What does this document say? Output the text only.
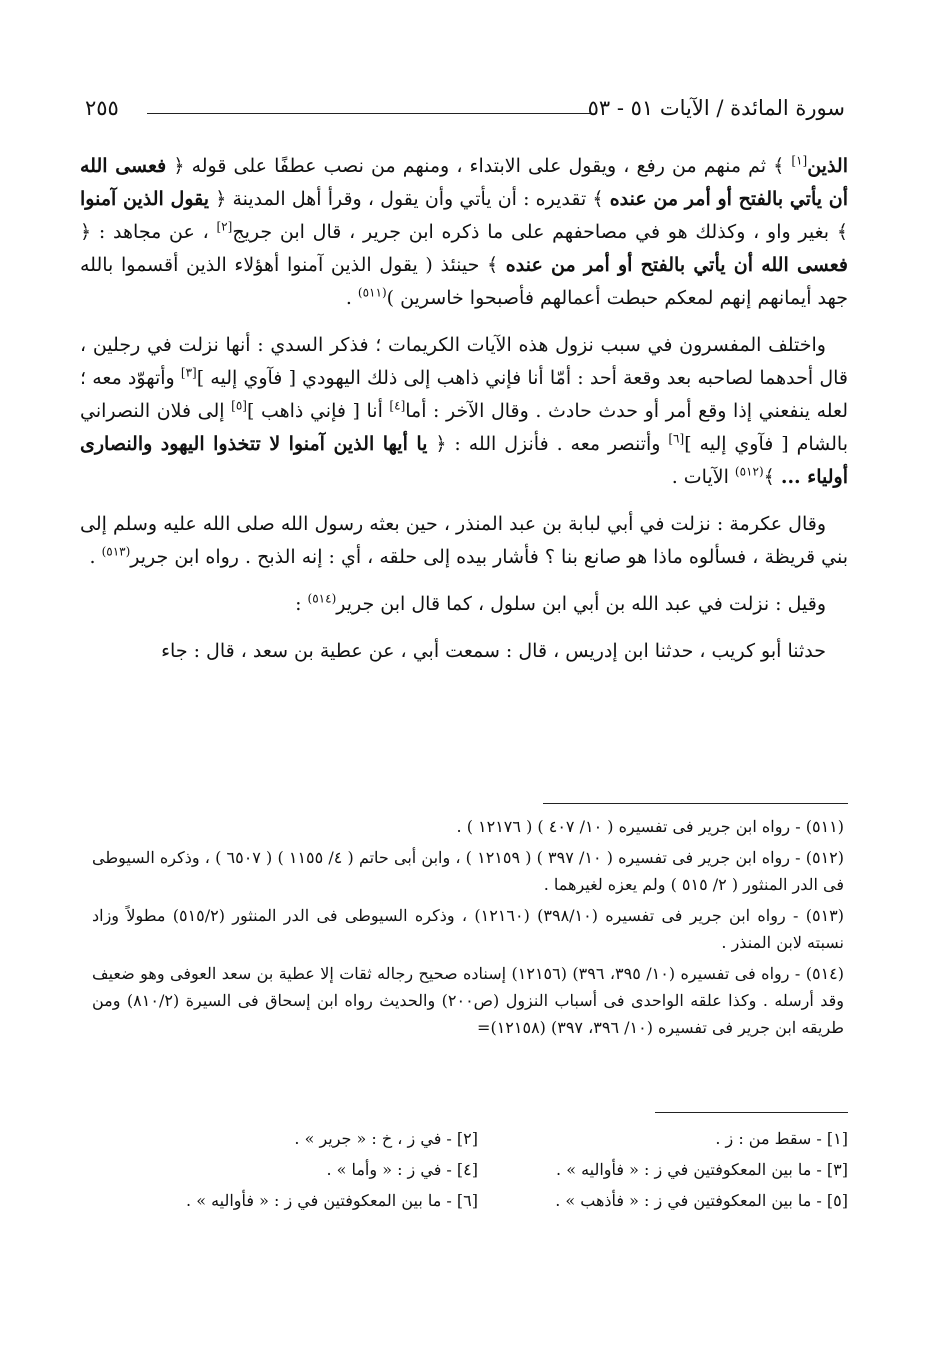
سورة المائدة / الآيات ٥١ - ٥٣
٢٥٥

الذين[١] ﴾ ثم منهم من رفع ، ويقول على الابتداء ، ومنهم من نصب عطفًا على قوله ﴿ فعسى الله أن يأتي بالفتح أو أمر من عنده ﴾ تقديره : أن يأتي وأن يقول ، وقرأ أهل المدينة ﴿ يقول الذين آمنوا ﴾ بغير واو ، وكذلك هو في مصاحفهم على ما ذكره ابن جرير ، قال ابن جريج[٢] ، عن مجاهد : ﴿ فعسى الله أن يأتي بالفتح أو أمر من عنده ﴾ حينئذ ( يقول الذين آمنوا أهؤلاء الذين أقسموا بالله جهد أيمانهم إنهم لمعكم حبطت أعمالهم فأصبحوا خاسرين )$^{(٥١١)}$ .

واختلف المفسرون في سبب نزول هذه الآيات الكريمات ؛ فذكر السدي : أنها نزلت في رجلين ، قال أحدهما لصاحبه بعد وقعة أحد : أمّا أنا فإني ذاهب إلى ذلك اليهودي [ فآوي إليه ][٣] وأتهوّد معه ؛ لعله ينفعني إذا وقع أمر أو حدث حادث . وقال الآخر : أما[٤] أنا [ فإني ذاهب ][٥] إلى فلان النصراني بالشام [ فآوي إليه ][٦] وأتنصر معه . فأنزل الله : ﴿ يا أيها الذين آمنوا لا تتخذوا اليهود والنصارى أولياء ... ﴾$^{(٥١٢)}$ الآيات .

وقال عكرمة : نزلت في أبي لبابة بن عبد المنذر ، حين بعثه رسول الله صلى الله عليه وسلم إلى بني قريظة ، فسألوه ماذا هو صانع بنا ؟ فأشار بيده إلى حلقه ، أي : إنه الذبح . رواه ابن جرير$^{(٥١٣)}$ .

وقيل : نزلت في عبد الله بن أبي ابن سلول ، كما قال ابن جرير$^{(٥١٤)}$ :

حدثنا أبو كريب ، حدثنا ابن إدريس ، قال : سمعت أبي ، عن عطية بن سعد ، قال : جاء

(٥١١) - رواه ابن جرير فى تفسيره ( ١٠/ ٤٠٧ ) ( ١٢١٧٦ ) .

(٥١٢) - رواه ابن جرير فى تفسيره ( ١٠/ ٣٩٧ ) ( ١٢١٥٩ ) ، وابن أبى حاتم ( ٤/ ١١٥٥ ) ( ٦٥٠٧ ) ، وذكره السيوطى فى الدر المنثور ( ٢/ ٥١٥ ) ولم يعزه لغيرهما .

(٥١٣) - رواه ابن جرير فى تفسيره (٣٩٨/١٠) (١٢١٦٠) ، وذكره السيوطى فى الدر المنثور (٥١٥/٢) مطولاً وزاد نسبته لابن المنذر .

(٥١٤) - رواه فى تفسيره (١٠/ ٣٩٥، ٣٩٦) (١٢١٥٦) إسناده صحيح رجاله ثقات إلا عطية بن سعد العوفى وهو ضعيف وقد أرسله . وكذا علقه الواحدى فى أسباب النزول (ص٢٠٠) والحديث رواه ابن إسحاق فى السيرة (٨١٠/٢) ومن طريقه ابن جرير فى تفسيره (١٠/ ٣٩٦، ٣٩٧) (١٢١٥٨)=

[١] - سقط من : ز .
[٢] - في ز ، خ : « جرير » .
[٣] - ما بين المعكوفتين في ز : « فأواليه » .
[٤] - في ز : « وأما » .
[٥] - ما بين المعكوفتين في ز : « فأذهب » .
[٦] - ما بين المعكوفتين في ز : « فأواليه » .
